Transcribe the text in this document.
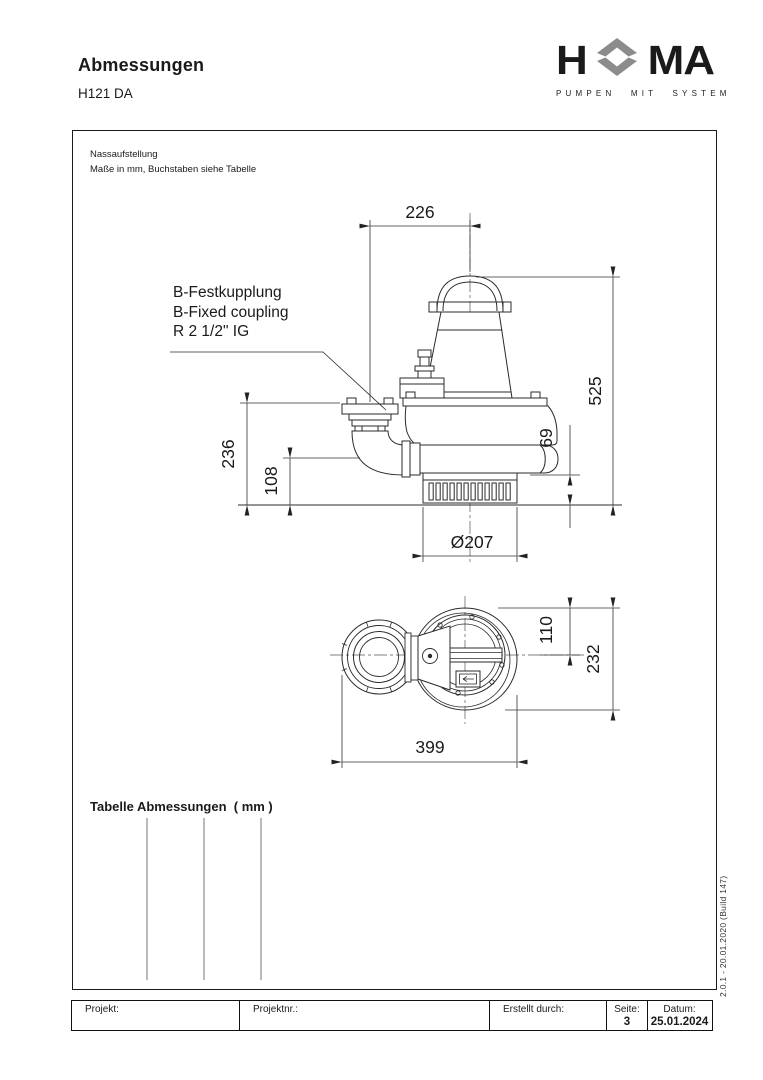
Abmessungen
H121 DA
H MA
PUMPEN MIT SYSTEM
Nassaufstellung
Maße in mm, Buchstaben siehe Tabelle
B-Festkupplung
B-Fixed coupling
R 2 1/2" IG
Tabelle Abmessungen  ( mm )
2.0.1 - 20.01.2020 (Build 147)
226
525
236
108
69
Ø207
110
232
399
Projekt:	Projektnr.:	Erstellt durch:	Seite:
3
Datum:
25.01.2024
